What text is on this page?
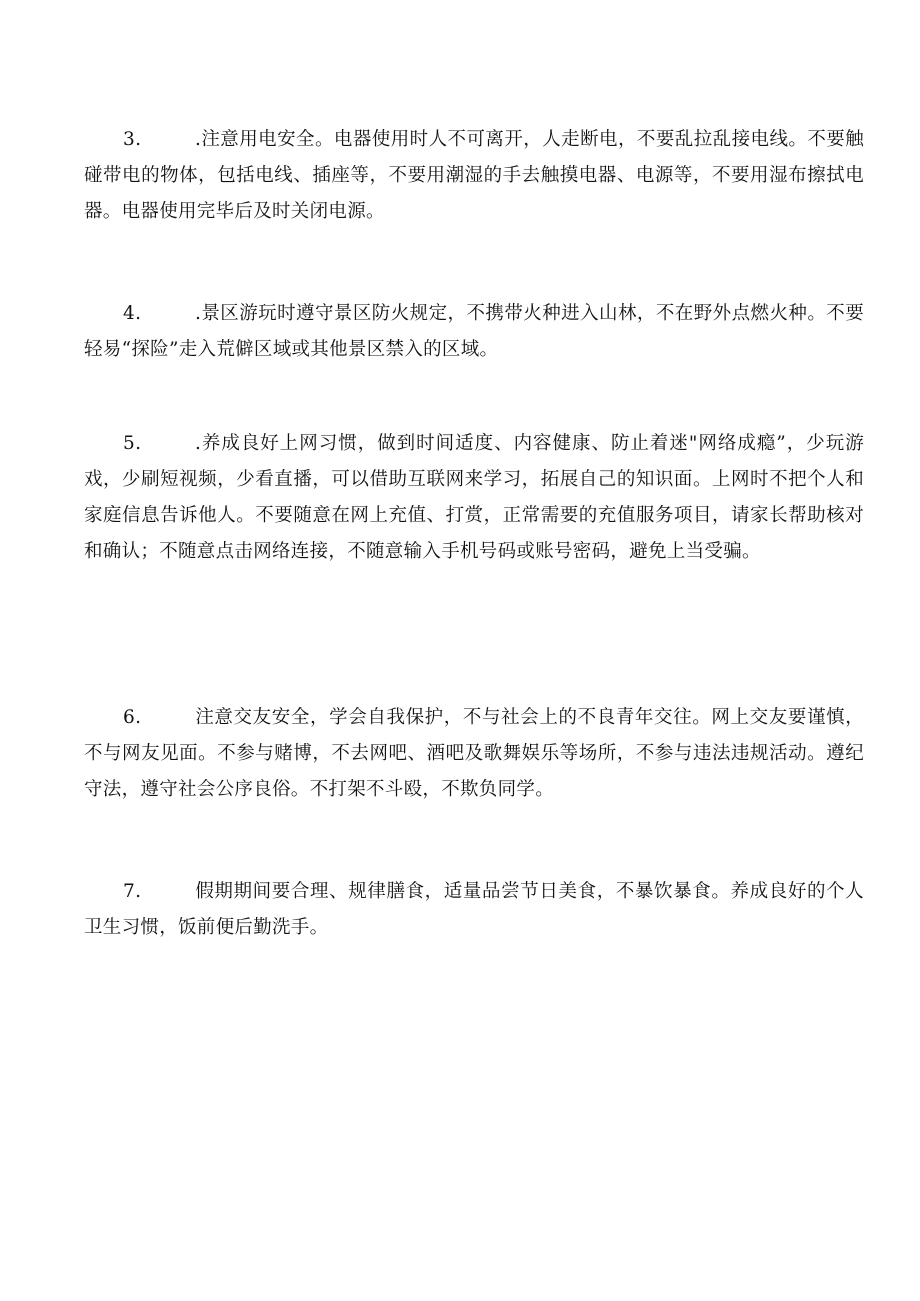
3.	.注意用电安全。电器使用时人不可离开，人走断电，不要乱拉乱接电线。不要触碰带电的物体，包括电线、插座等，不要用潮湿的手去触摸电器、电源等，不要用湿布擦拭电器。电器使用完毕后及时关闭电源。

4.	.景区游玩时遵守景区防火规定，不携带火种进入山林，不在野外点燃火种。不要轻易“探险”走入荒僻区域或其他景区禁入的区域。

5.	.养成良好上网习惯，做到时间适度、内容健康、防止着迷"网络成瘾”，少玩游戏，少刷短视频，少看直播，可以借助互联网来学习，拓展自己的知识面。上网时不把个人和家庭信息告诉他人。不要随意在网上充值、打赏，正常需要的充值服务项目，请家长帮助核对和确认；不随意点击网络连接，不随意输入手机号码或账号密码，避免上当受骗。

6.	注意交友安全，学会自我保护，不与社会上的不良青年交往。网上交友要谨慎，不与网友见面。不参与赌博，不去网吧、酒吧及歌舞娱乐等场所，不参与违法违规活动。遵纪守法，遵守社会公序良俗。不打架不斗殴，不欺负同学。

7.	假期期间要合理、规律膳食，适量品尝节日美食，不暴饮暴食。养成良好的个人卫生习惯，饭前便后勤洗手。
